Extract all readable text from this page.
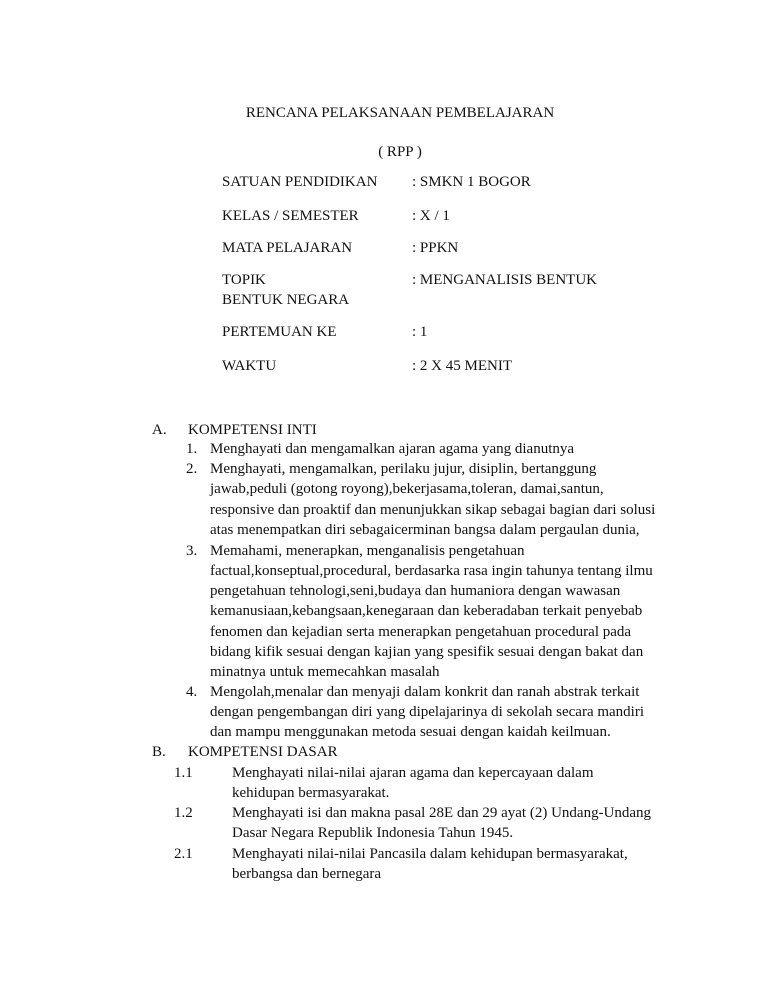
RENCANA PELAKSANAAN PEMBELAJARAN
( RPP )
SATUAN PENDIDIKAN : SMKN 1 BOGOR
KELAS / SEMESTER	: X / 1
MATA PELAJARAN	: PPKN
TOPIK	: MENGANALISIS BENTUK
BENTUK NEGARA
PERTEMUAN KE	: 1
WAKTU	: 2 X 45 MENIT
A. KOMPETENSI INTI
1. Menghayati dan mengamalkan ajaran agama yang dianutnya
2. Menghayati, mengamalkan, perilaku jujur, disiplin, bertanggung
jawab,peduli (gotong royong),bekerjasama,toleran, damai,santun,
responsive dan proaktif dan menunjukkan sikap sebagai bagian dari solusi
atas menempatkan diri sebagaicerminan bangsa dalam pergaulan dunia,
3. Memahami, menerapkan, menganalisis pengetahuan
factual,konseptual,procedural, berdasarka rasa ingin tahunya tentang ilmu
pengetahuan tehnologi,seni,budaya dan humaniora dengan wawasan
kemanusiaan,kebangsaan,kenegaraan dan keberadaban terkait penyebab
fenomen dan kejadian serta menerapkan pengetahuan procedural pada
bidang kifik sesuai dengan kajian yang spesifik sesuai dengan bakat dan
minatnya untuk memecahkan masalah
4. Mengolah,menalar dan menyaji dalam konkrit dan ranah abstrak terkait
dengan pengembangan diri yang dipelajarinya di sekolah secara mandiri
dan mampu menggunakan metoda sesuai dengan kaidah keilmuan.
B. KOMPETENSI DASAR
1.1	Menghayati nilai-nilai ajaran agama dan kepercayaan dalam
kehidupan bermasyarakat.
1.2	Menghayati isi dan makna pasal 28E dan 29 ayat (2) Undang-Undang
Dasar Negara Republik Indonesia Tahun 1945.
2.1	Menghayati nilai-nilai Pancasila dalam kehidupan bermasyarakat,
berbangsa dan bernegara
